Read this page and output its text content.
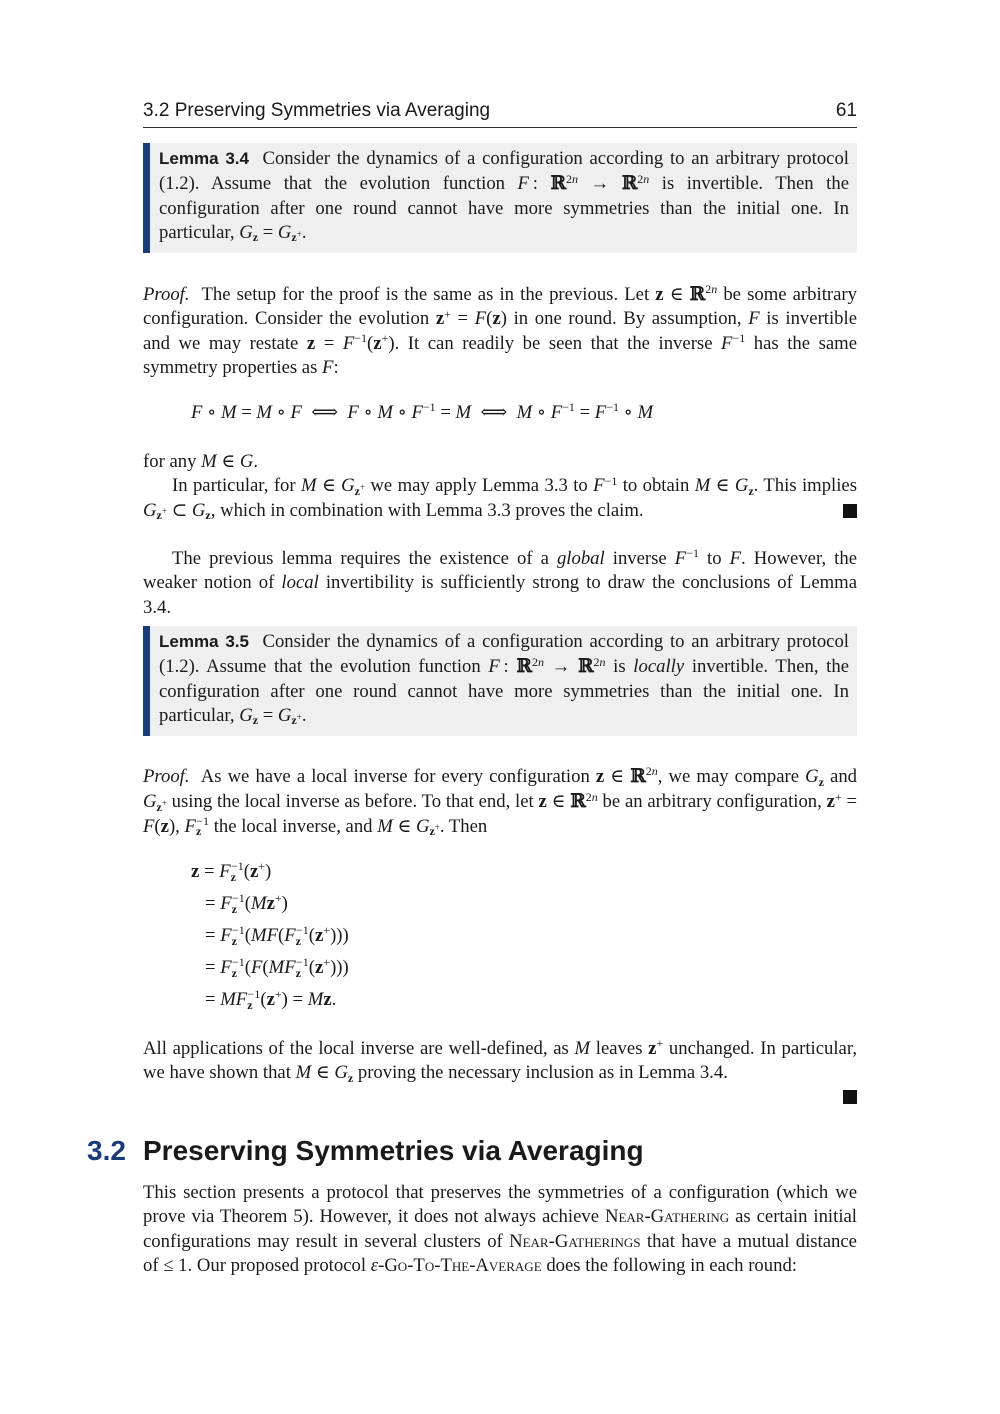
3.2 Preserving Symmetries via Averaging	61

Lemma 3.4 Consider the dynamics of a configuration according to an arbitrary protocol (1.2). Assume that the evolution function F : ℝ$^{2n}$ → ℝ$^{2n}$ is invertible. Then the configuration after one round cannot have more symmetries than the initial one. In particular, $G_z = G_{z^+}$.

Proof. The setup for the proof is the same as in the previous. Let z ∈ ℝ$^{2n}$ be some arbitrary configuration. Consider the evolution z+ = F(z) in one round. By assumption, F is invertible and we may restate $z = F^{-1}(z^+)$. It can readily be seen that the inverse $F^{-1}$ has the same symmetry properties as F:

F ∘ M = M ∘ F  ⟺  F ∘ M ∘ $F^{-1} = M$  ⟺  M ∘ $F^{-1} = F^{-1}$ ∘ M

for any M ∈ G.

In particular, for M ∈ $G_{z^+}$ we may apply Lemma 3.3 to $F^{-1}$ to obtain M ∈ $G_z$. This implies $G_{z^+}$ ⊂ $G_z$, which in combination with Lemma 3.3 proves the claim.

The previous lemma requires the existence of a global inverse $F^{-1}$ to F. However, the weaker notion of local invertibility is sufficiently strong to draw the conclusions of Lemma 3.4.

Lemma 3.5 Consider the dynamics of a configuration according to an arbitrary protocol (1.2). Assume that the evolution function F : ℝ$^{2n}$ → ℝ$^{2n}$ is locally invertible. Then, the configuration after one round cannot have more symmetries than the initial one. In particular, $G_z = G_{z^+}$.

Proof. As we have a local inverse for every configuration z ∈ ℝ$^{2n}$, we may compare $G_z$ and $G_{z^+}$ using the local inverse as before. To that end, let z ∈ ℝ$^{2n}$ be an arbitrary configuration, z+ = F(z), $F_z^{-1}$ the local inverse, and M ∈ $G_{z^+}$. Then

$z = F_z^{-1}(z^+)$
= $F_z^{-1}(Mz^+)$
= $F_z^{-1}(MF(F_z^{-1}(z^+)))$
= $F_z^{-1}(F(MF_z^{-1}(z^+)))$
= $MF_z^{-1}(z^+) = Mz$.

All applications of the local inverse are well-defined, as M leaves z+ unchanged. In particular, we have shown that M ∈ $G_z$ proving the necessary inclusion as in Lemma 3.4.

3.2 Preserving Symmetries via Averaging

This section presents a protocol that preserves the symmetries of a configuration (which we prove via Theorem 5). However, it does not always achieve Near-Gathering as certain initial configurations may result in several clusters of Near-Gatherings that have a mutual distance of ≤ 1. Our proposed protocol ε-Go-To-The-Average does the following in each round:
